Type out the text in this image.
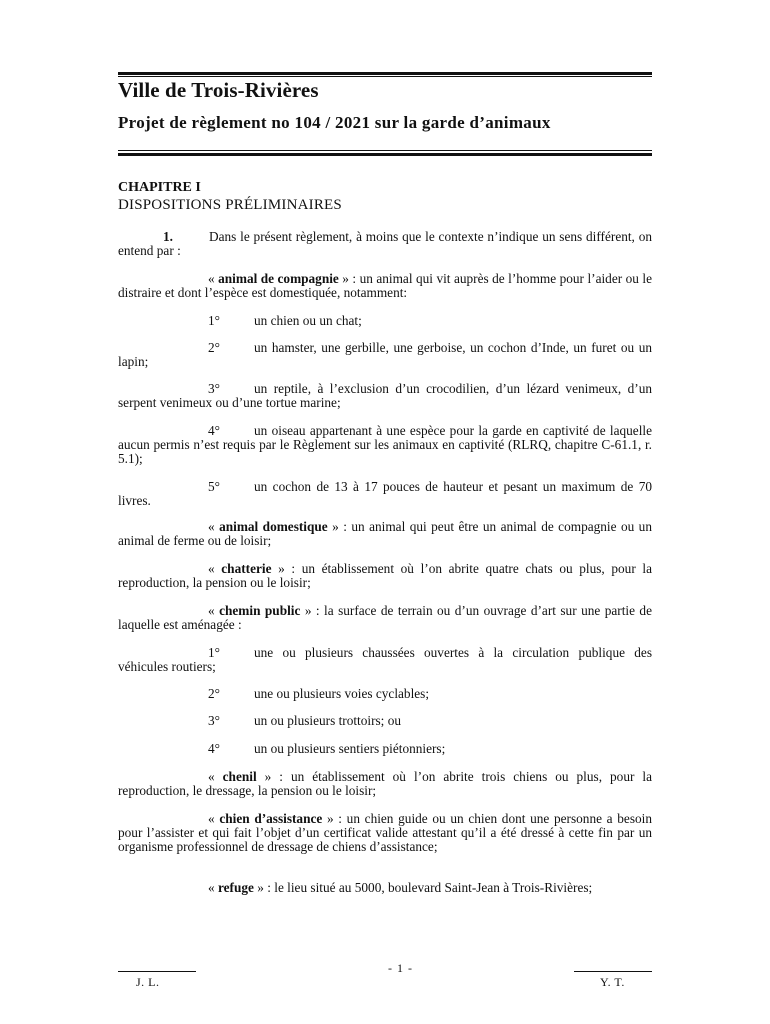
Ville de Trois-Rivières
Projet de règlement no 104 / 2021 sur la garde d’animaux
CHAPITRE I
DISPOSITIONS PRÉLIMINAIRES

1.	Dans le présent règlement, à moins que le contexte n’indique un sens différent, on entend par :

« animal de compagnie » : un animal qui vit auprès de l’homme pour l’aider ou le distraire et dont l’espèce est domestiquée, notamment:

1°	un chien ou un chat;

2°	un hamster, une gerbille, une gerboise, un cochon d’Inde, un furet ou un lapin;

3°	un reptile, à l’exclusion d’un crocodilien, d’un lézard venimeux, d’un serpent venimeux ou d’une tortue marine;

4°	un oiseau appartenant à une espèce pour la garde en captivité de laquelle aucun permis n’est requis par le Règlement sur les animaux en captivité (RLRQ, chapitre C-61.1, r. 5.1);

5°	un cochon de 13 à 17 pouces de hauteur et pesant un maximum de 70 livres.

« animal domestique » : un animal qui peut être un animal de compagnie ou un animal de ferme ou de loisir;

« chatterie » : un établissement où l’on abrite quatre chats ou plus, pour la reproduction, la pension ou le loisir;

« chemin public » : la surface de terrain ou d’un ouvrage d’art sur une partie de laquelle est aménagée :

1°	une ou plusieurs chaussées ouvertes à la circulation publique des véhicules routiers;

2°	une ou plusieurs voies cyclables;
3°	un ou plusieurs trottoirs; ou
4°	un ou plusieurs sentiers piétonniers;

« chenil » : un établissement où l’on abrite trois chiens ou plus, pour la reproduction, le dressage, la pension ou le loisir;

« chien d’assistance » : un chien guide ou un chien dont une personne a besoin pour l’assister et qui fait l’objet d’un certificat valide attestant qu’il a été dressé à cette fin par un organisme professionnel de dressage de chiens d’assistance;

« refuge » : le lieu situé au 5000, boulevard Saint-Jean à Trois-Rivières;

- 1 -
J. L.	Y. T.
